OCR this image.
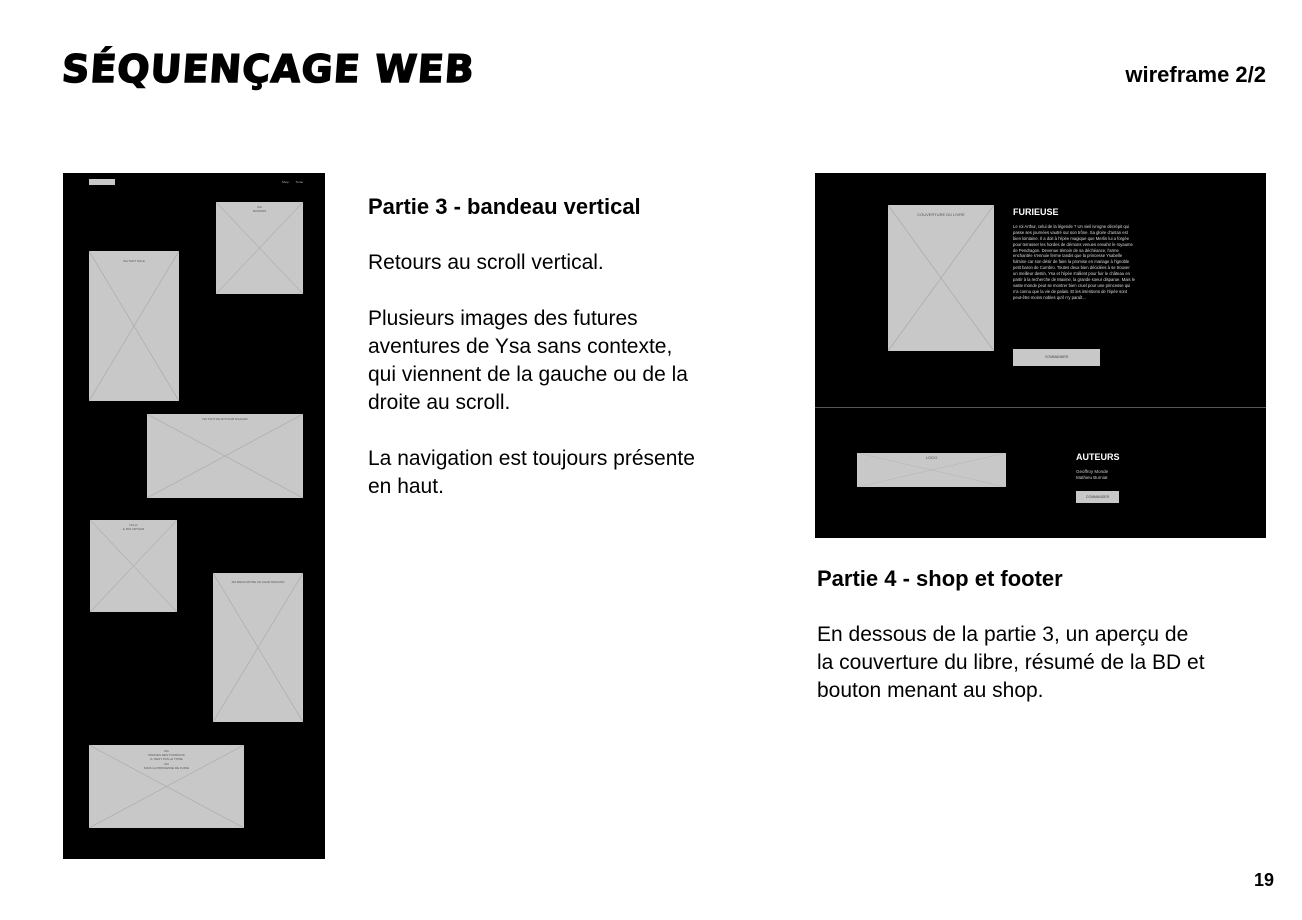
SÉQUENÇAGE WEB	wireframe 2/2
Shop Tome
ISA
RAISONS
ISA TANT SOLE
ISA TANT DE ROYAUM NUAGES
ISA et
le ROI ARTHUR
ISA RENCONTRE UN AGAR DRAGON
ISA
PIRATES DES TOURNOIS
IL N'EST PAS LE TITRE
ISA
MAIS LA PRINCESSE DE FURIE
Partie 3 - bandeau vertical

Retours au scroll vertical.

Plusieurs images des futures
aventures de Ysa sans contexte,
qui viennent de la gauche ou de la
droite au scroll.

La navigation est toujours présente
en haut.

COUVERTURE DU LIVRE	FURIEUSE
Le roi Arthur, celui de la légende ? Un vieil ivrogne décrépit qui passe ses journées vautré sur son trône. Sa gloire d'antan est bien lointaine. Il a doit à l'épée magique que Merlin lui a forgée pour terrasser les hordes de démons venues envahir le royaume de Pendragon. Devenue témoin de sa déchéance, l'arme enchantée s'ennuie ferme tandis que la princesse Ysabelle fulmine car son désir de faire la promise en mariage à l'ignoble petit baron de Cumbro. Toutes deux bien décidées à se trouver un meilleur destin, Ysa et l'épée s'allient pour fuir le château en partir à la recherche de Maxine, la grande soeur disparue. Mais le vaste monde peut se montrer bien cruel pour une princesse qui n'a connu que la vie de palais. Et les intentions de l'épée sont peut-être moins nobles qu'il n'y paraît...
COMMANDER
LOGO	AUTEURS
Geoffroy Monde
Mathieu Burniat
COMMANDER
Partie 4 - shop et footer

En dessous de la partie 3, un aperçu de
la couverture du libre, résumé de la BD et
bouton menant au shop.

19
